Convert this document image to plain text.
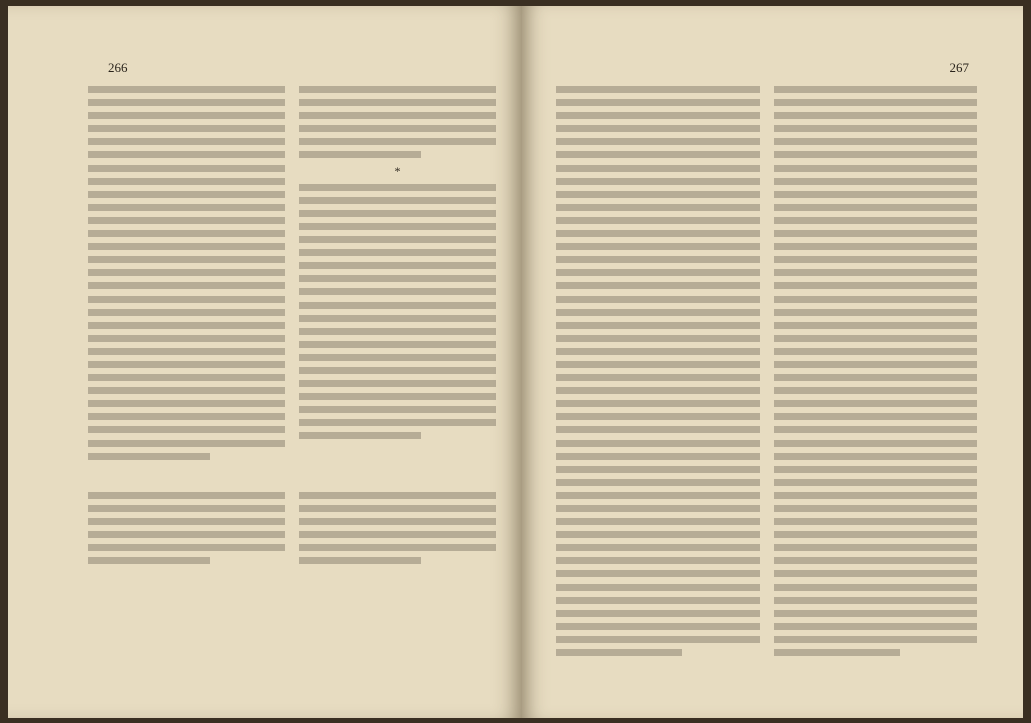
266

*

267
